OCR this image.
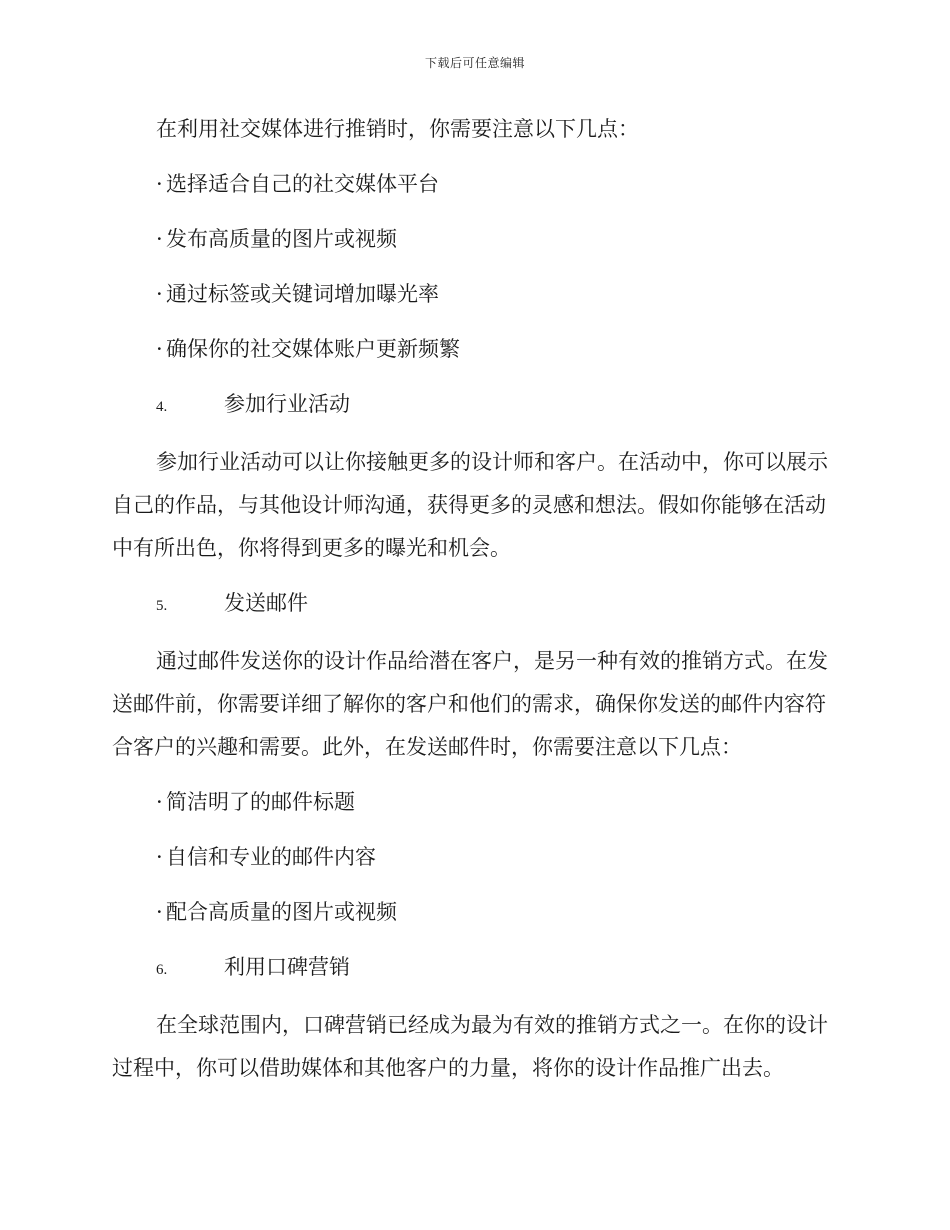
下载后可任意编辑

在利用社交媒体进行推销时，你需要注意以下几点：

· 选择适合自己的社交媒体平台

· 发布高质量的图片或视频

· 通过标签或关键词增加曝光率

· 确保你的社交媒体账户更新频繁

4.	参加行业活动

参加行业活动可以让你接触更多的设计师和客户。在活动中，你可以展示自己的作品，与其他设计师沟通，获得更多的灵感和想法。假如你能够在活动中有所出色，你将得到更多的曝光和机会。

5.	发送邮件

通过邮件发送你的设计作品给潜在客户，是另一种有效的推销方式。在发送邮件前，你需要详细了解你的客户和他们的需求，确保你发送的邮件内容符合客户的兴趣和需要。此外，在发送邮件时，你需要注意以下几点：

· 简洁明了的邮件标题

· 自信和专业的邮件内容

· 配合高质量的图片或视频

6.	利用口碑营销

在全球范围内，口碑营销已经成为最为有效的推销方式之一。在你的设计过程中，你可以借助媒体和其他客户的力量，将你的设计作品推广出去。
